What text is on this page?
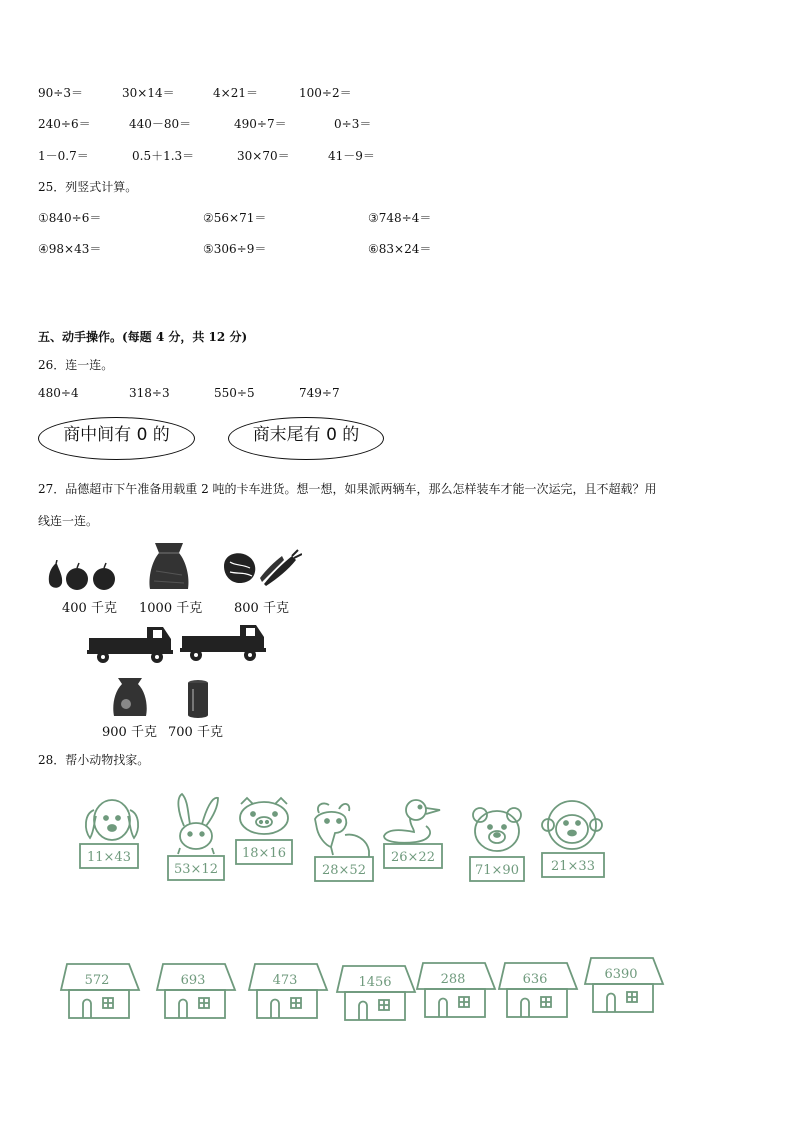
90÷3＝	30×14＝	4×21＝	100÷2＝
240÷6＝	440－80＝	490÷7＝	0÷3＝
1－0.7＝	0.5＋1.3＝	30×70＝	41－9＝
25．列竖式计算。
①840÷6＝	②56×71＝	③748÷4＝
④98×43＝	⑤306÷9＝	⑥83×24＝
五、动手操作。(每题 4 分，共 12 分)
26．连一连。
480÷4	318÷3	550÷5	749÷7
商中间有 0 的	商末尾有 0 的
27．品德超市下午准备用载重 2 吨的卡车进货。想一想，如果派两辆车，那么怎样装车才能一次运完，且不超载？用
线连一连。
400 千克 1000 千克 800 千克
900 千克 700 千克
28．帮小动物找家。
11×43
53×12
18×16
28×52
26×22
71×90 21×33
572	693	473	1456	288	636	6390
